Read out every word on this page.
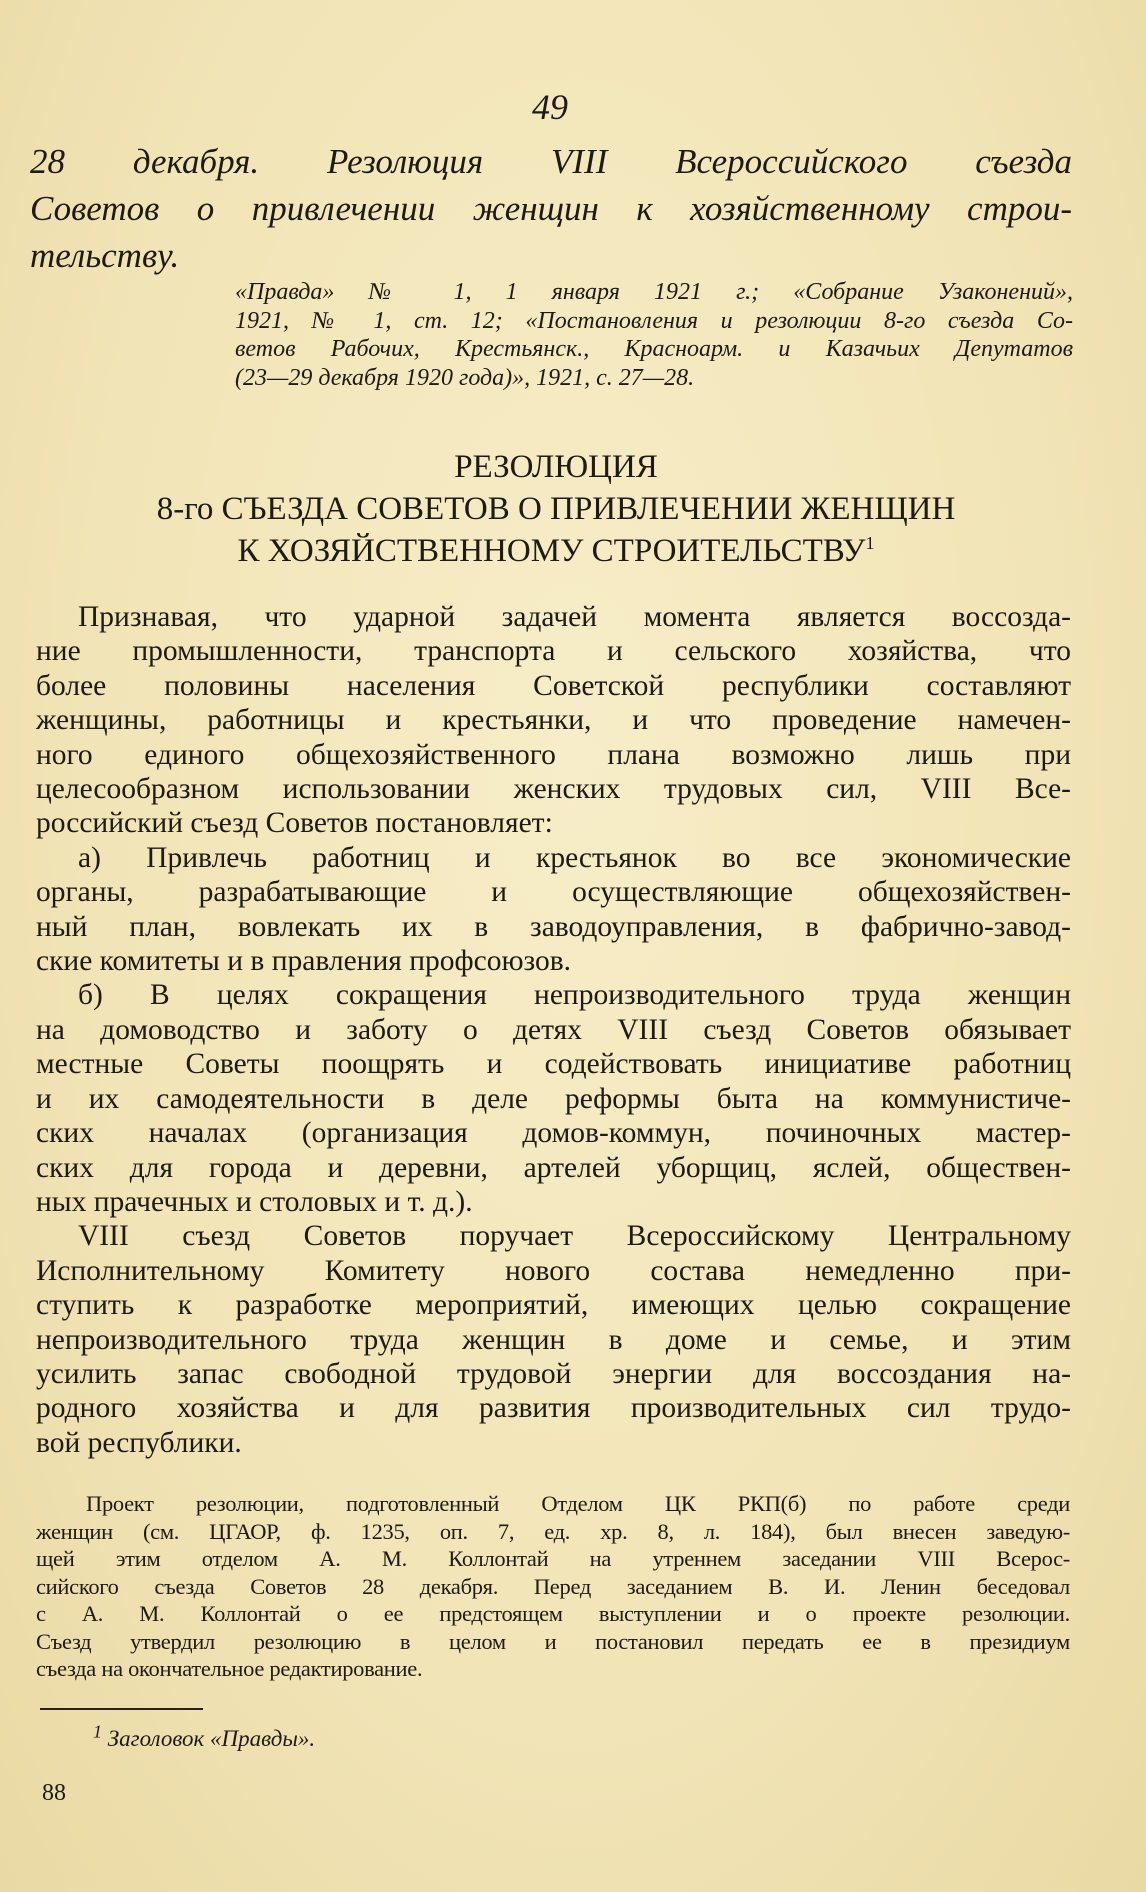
49
28 декабря. Резолюция VIII Всероссийского съезда
Советов о привлечении женщин к хозяйственному строи-
тельству.
«Правда» № 1, 1 января 1921 г.; «Собрание Узаконений»,
1921, № 1, ст. 12; «Постановления и резолюции 8-го съезда Со-
ветов Рабочих, Крестьянск., Красноарм. и Казачьих Депутатов
(23—29 декабря 1920 года)», 1921, с. 27—28.
РЕЗОЛЮЦИЯ
8-го СЪЕЗДА СОВЕТОВ О ПРИВЛЕЧЕНИИ ЖЕНЩИН
К ХОЗЯЙСТВЕННОМУ СТРОИТЕЛЬСТВУ$^1$
Признавая, что ударной задачей момента является воссозда-
ние промышленности, транспорта и сельского хозяйства, что
более половины населения Советской республики составляют
женщины, работницы и крестьянки, и что проведение намечен-
ного единого общехозяйственного плана возможно лишь при
целесообразном использовании женских трудовых сил, VIII Все-
российский съезд Советов постановляет:
а) Привлечь работниц и крестьянок во все экономические
органы, разрабатывающие и осуществляющие общехозяйствен-
ный план, вовлекать их в заводоуправления, в фабрично-завод-
ские комитеты и в правления профсоюзов.
б) В целях сокращения непроизводительного труда женщин
на домоводство и заботу о детях VIII съезд Советов обязывает
местные Советы поощрять и содействовать инициативе работниц
и их самодеятельности в деле реформы быта на коммунистиче-
ских началах (организация домов-коммун, починочных мастер-
ских для города и деревни, артелей уборщиц, яслей, обществен-
ных прачечных и столовых и т. д.).
VIII съезд Советов поручает Всероссийскому Центральному
Исполнительному Комитету нового состава немедленно при-
ступить к разработке мероприятий, имеющих целью сокращение
непроизводительного труда женщин в доме и семье, и этим
усилить запас свободной трудовой энергии для воссоздания на-
родного хозяйства и для развития производительных сил трудо-
вой республики.
Проект резолюции, подготовленный Отделом ЦК РКП(б) по работе среди
женщин (см. ЦГАОР, ф. 1235, оп. 7, ед. хр. 8, л. 184), был внесен заведую-
щей этим отделом А. М. Коллонтай на утреннем заседании VIII Всерос-
сийского съезда Советов 28 декабря. Перед заседанием В. И. Ленин беседовал
с А. М. Коллонтай о ее предстоящем выступлении и о проекте резолюции.
Съезд утвердил резолюцию в целом и постановил передать ее в президиум
съезда на окончательное редактирование.
$^1$ Заголовок «Правды».
88
